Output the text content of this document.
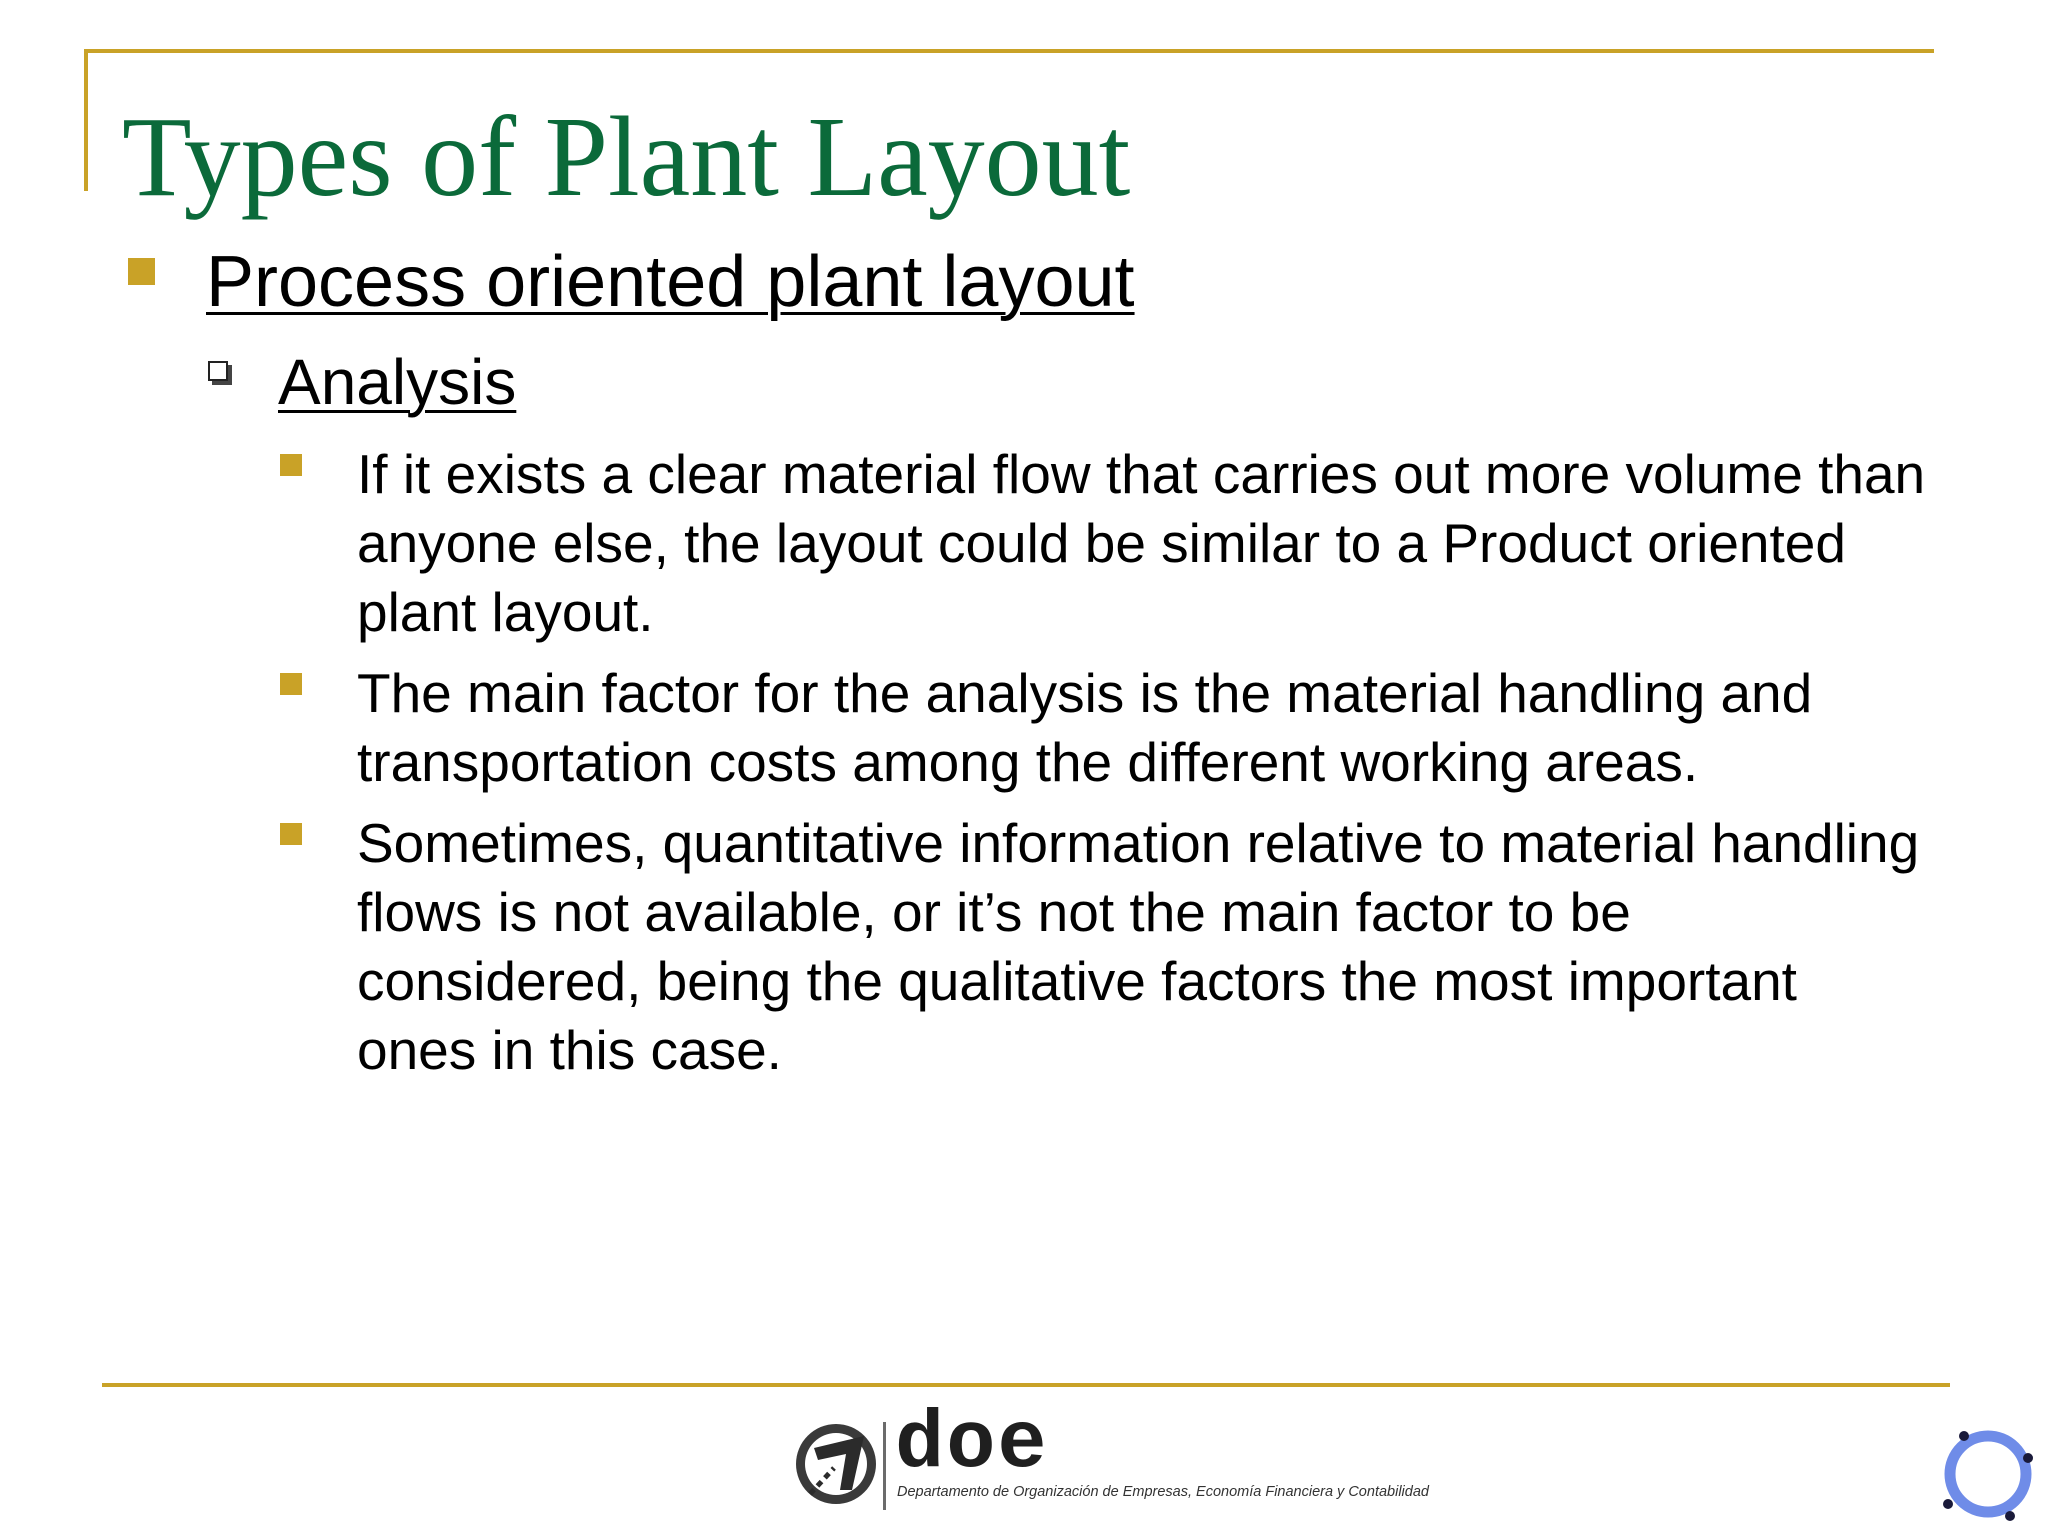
Types of Plant Layout
Process oriented plant layout
Analysis
If it exists a clear material flow that carries out more volume than anyone else, the layout could be similar to a Product oriented plant layout.
The main factor for the analysis is the material handling and transportation costs among the different working areas.
Sometimes, quantitative information relative to material handling flows is not available, or it’s not the main factor to be considered, being the qualitative factors the most important ones in this case.
doe
Departamento de Organización de Empresas, Economía Financiera y Contabilidad
